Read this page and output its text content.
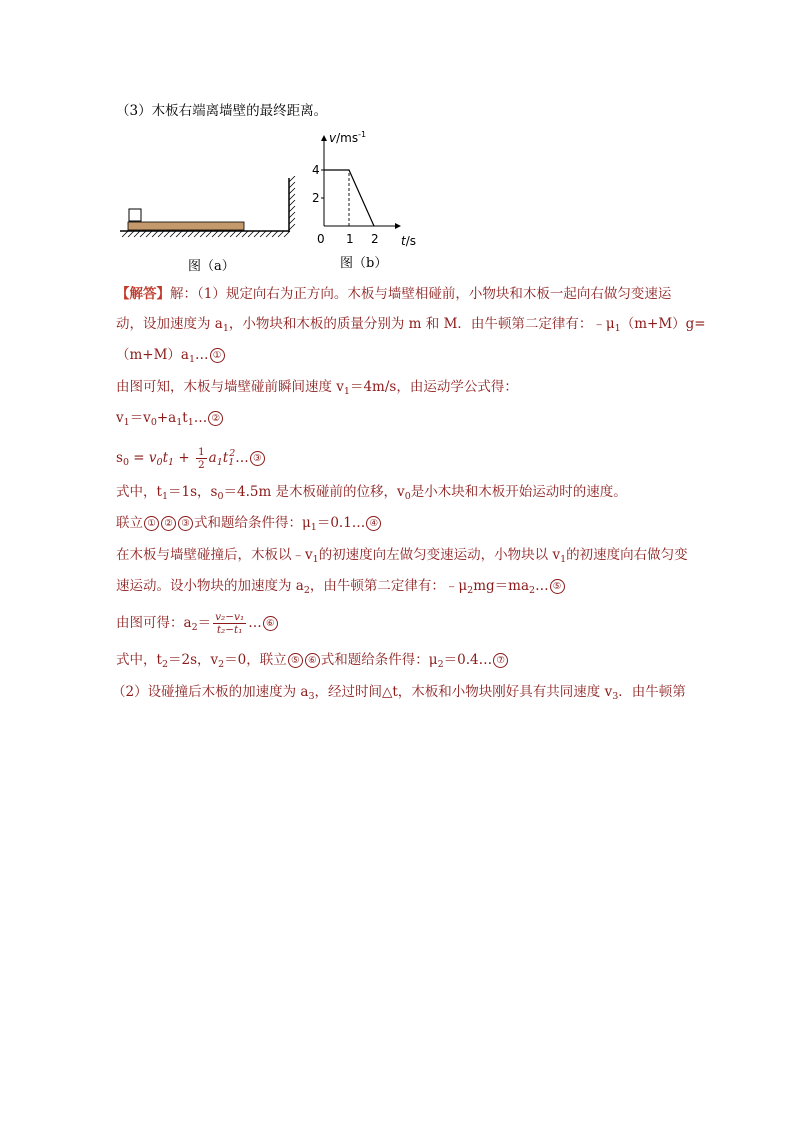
（3）木板右端离墙壁的最终距离。
图（a）
$v/ms^{-1}$
t/s
4
2
0 1 2
图（b）
【解答】解：（1）规定向右为正方向。木板与墙壁相碰前，小物块和木板一起向右做匀变速运
动，设加速度为 $a_1$，小物块和木板的质量分别为 m 和 M．由牛顿第二定律有：$﹣\mu_1(m+M)g=$
$(m+M)a_1\dots$ ①
由图可知，木板与墙壁碰前瞬间速度 $v_1=4m/s$，由运动学公式得：
$v_1=v_0+a_1t_1\dots$ ②
$s_0 = v_0t_1 + \frac{1}{2}$ $a_1t_1^2\dots$ ③
式中，$t_1=1s$，$s_0=4.5m$ 是木板碰前的位移，$v_0$是小木块和木板开始运动时的速度。
联立 ① ② ③ 式和题给条件得：$\mu_1=0.1\dots$ ④
在木板与墙壁碰撞后，木板以$﹣v_1$的初速度向左做匀变速运动，小物块以 $v_1$的初速度向右做匀变
速运动。设小物块的加速度为 $a_2$，由牛顿第二定律有：$﹣\mu_2mg=ma_2\dots$ ⑤
由图可得：$a_2= \frac{\text{v₂−v₁}}{\text{t₂−t₁}}$ … ⑥
式中，$t_2=2s$，$v_2=0$，联立 ⑤ ⑥ 式和题给条件得：$\mu_2=0.4\dots$ ⑦
（2）设碰撞后木板的加速度为 $a_3$，经过时间△t，木板和小物块刚好具有共同速度 $v_3$．由牛顿第
